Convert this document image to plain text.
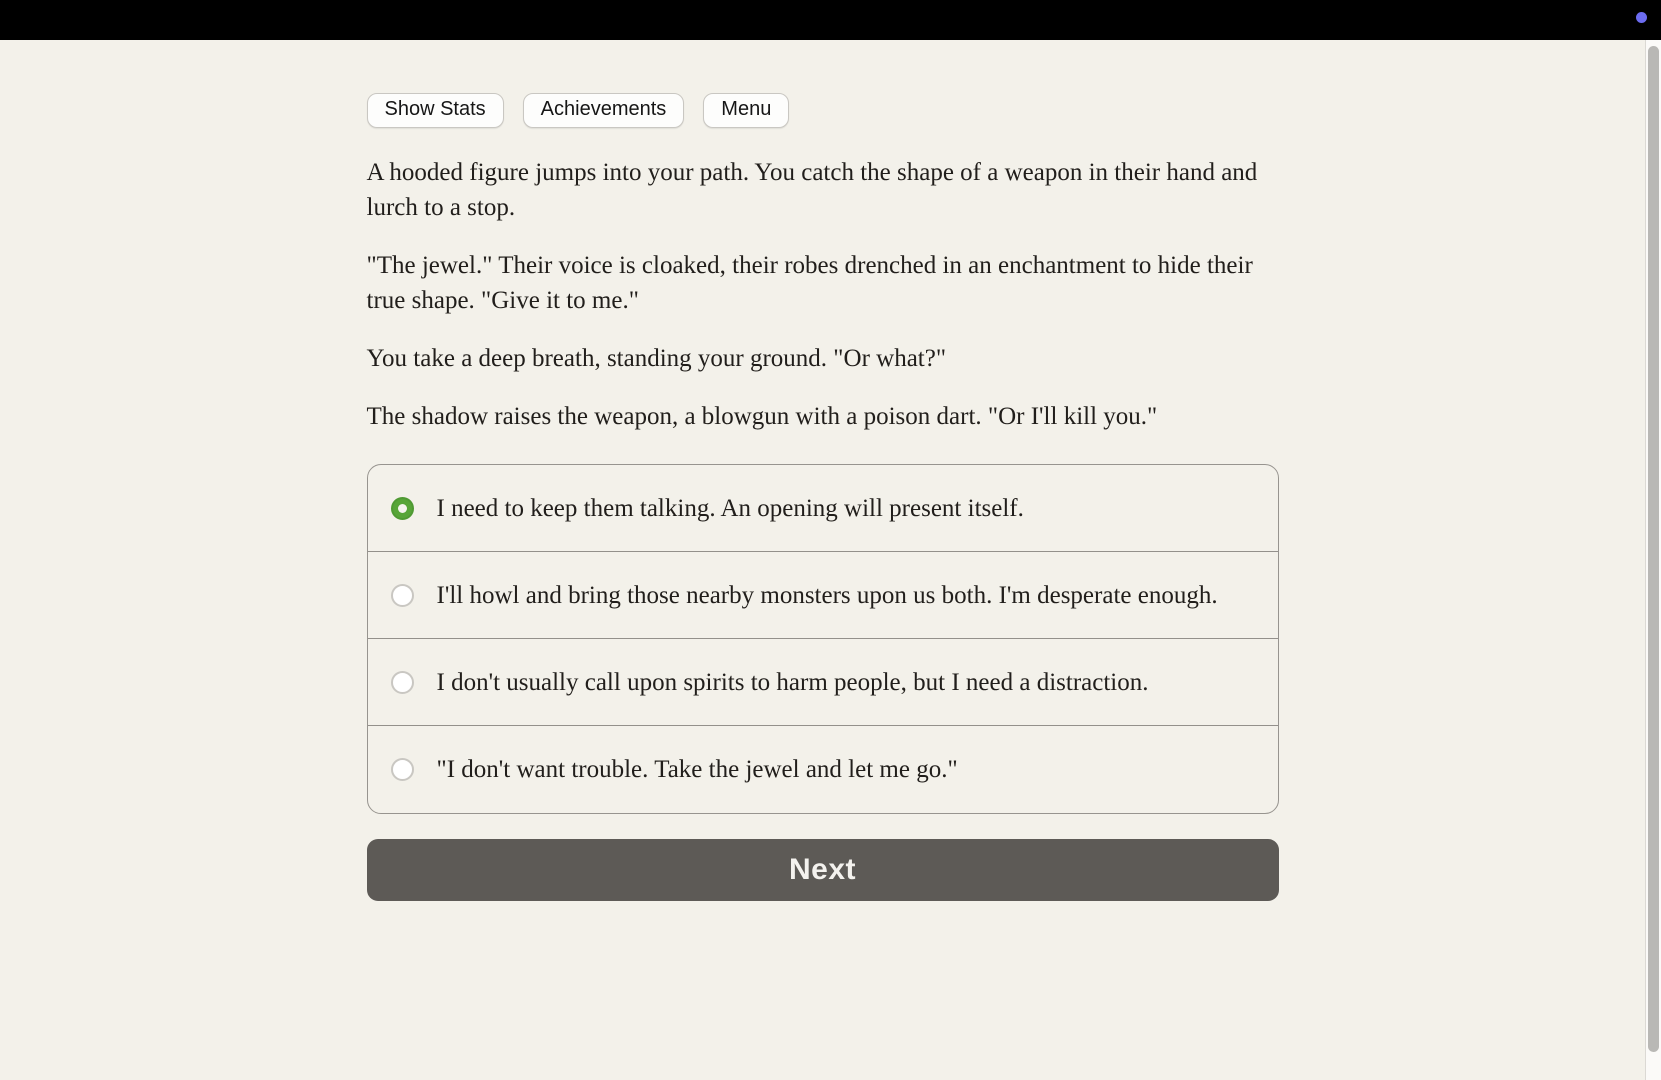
Show Stats	Achievements	Menu

A hooded figure jumps into your path. You catch the shape of a weapon in their hand and lurch to a stop.

"The jewel." Their voice is cloaked, their robes drenched in an enchantment to hide their true shape. "Give it to me."

You take a deep breath, standing your ground. "Or what?"

The shadow raises the weapon, a blowgun with a poison dart. "Or I'll kill you."

I need to keep them talking. An opening will present itself.
I'll howl and bring those nearby monsters upon us both. I'm desperate enough.
I don't usually call upon spirits to harm people, but I need a distraction.
"I don't want trouble. Take the jewel and let me go."
Next
